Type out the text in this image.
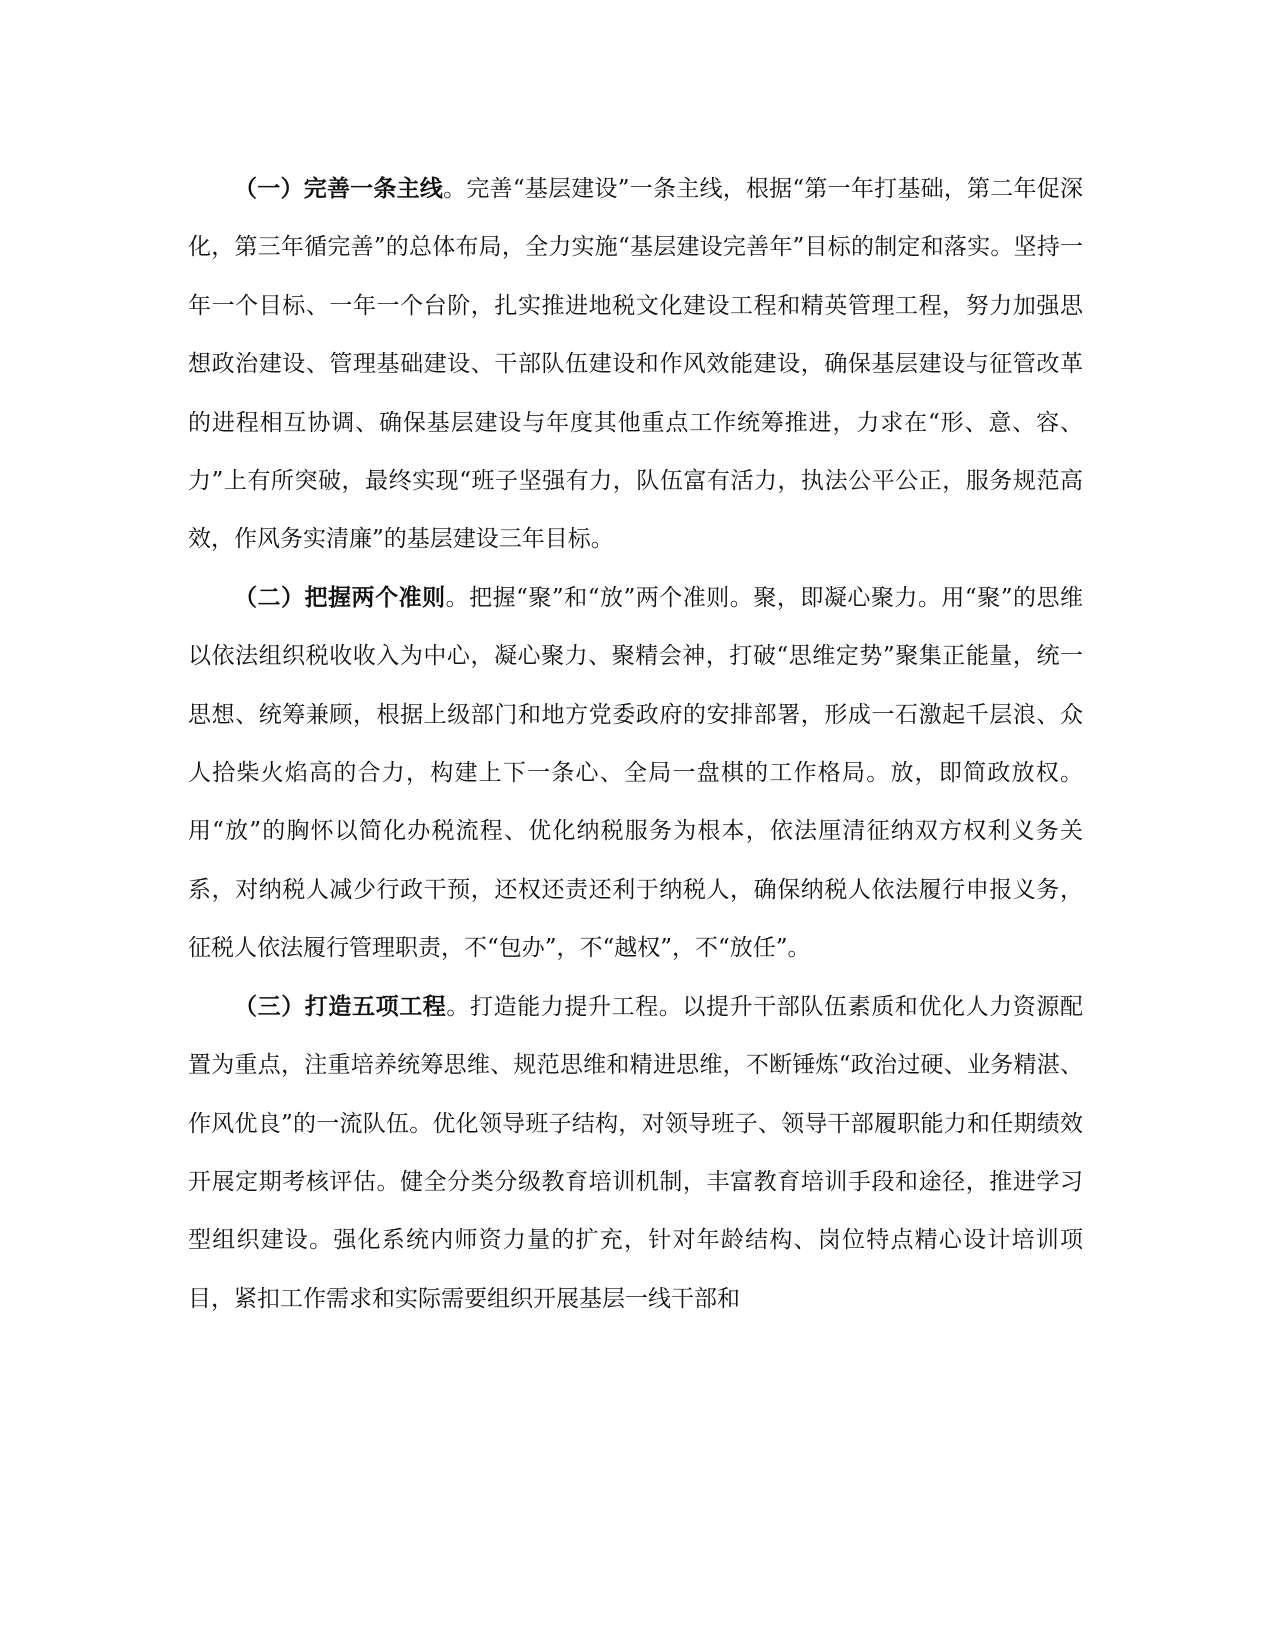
（一）完善一条主线。完善“基层建设”一条主线，根据“第一年打基础，第二年促深化，第三年循完善”的总体布局，全力实施“基层建设完善年”目标的制定和落实。坚持一年一个目标、一年一个台阶，扎实推进地税文化建设工程和精英管理工程，努力加强思想政治建设、管理基础建设、干部队伍建设和作风效能建设，确保基层建设与征管改革的进程相互协调、确保基层建设与年度其他重点工作统筹推进，力求在“形、意、容、力”上有所突破，最终实现“班子坚强有力，队伍富有活力，执法公平公正，服务规范高效，作风务实清廉”的基层建设三年目标。

（二）把握两个准则。把握“聚”和“放”两个准则。聚，即凝心聚力。用“聚”的思维以依法组织税收收入为中心，凝心聚力、聚精会神，打破“思维定势”聚集正能量，统一思想、统筹兼顾，根据上级部门和地方党委政府的安排部署，形成一石激起千层浪、众人拾柴火焰高的合力，构建上下一条心、全局一盘棋的工作格局。放，即简政放权。用“放”的胸怀以简化办税流程、优化纳税服务为根本，依法厘清征纳双方权利义务关系，对纳税人减少行政干预，还权还责还利于纳税人，确保纳税人依法履行申报义务，征税人依法履行管理职责，不“包办”，不“越权”，不“放任”。

（三）打造五项工程。打造能力提升工程。以提升干部队伍素质和优化人力资源配置为重点，注重培养统筹思维、规范思维和精进思维，不断锤炼“政治过硬、业务精湛、作风优良”的一流队伍。优化领导班子结构，对领导班子、领导干部履职能力和任期绩效开展定期考核评估。健全分类分级教育培训机制，丰富教育培训手段和途径，推进学习型组织建设。强化系统内师资力量的扩充，针对年龄结构、岗位特点精心设计培训项目，紧扣工作需求和实际需要组织开展基层一线干部和
